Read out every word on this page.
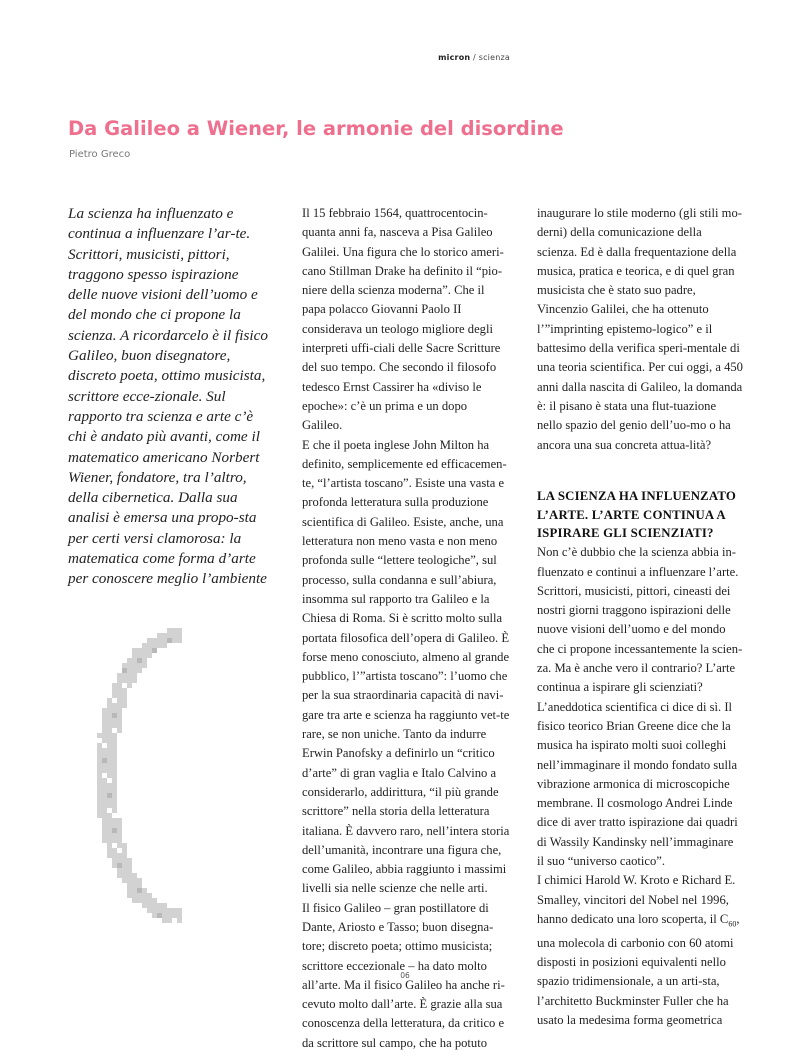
micron / scienza
Da Galileo a Wiener, le armonie del disordine
Pietro Greco

La scienza ha influenzato e continua a influenzare l’ar-te. Scrittori, musicisti, pittori, traggono spesso ispirazione delle nuove visioni dell’uomo e del mondo che ci propone la scienza. A ricordarcelo è il fisico Galileo, buon disegnatore, discreto poeta, ottimo musicista, scrittore ecce-zionale. Sul rapporto tra scienza e arte c’è chi è andato più avanti, come il matematico americano Norbert Wiener, fondatore, tra l’altro, della cibernetica. Dalla sua analisi è emersa una propo-sta per certi versi clamorosa: la matematica come forma d’arte per conoscere meglio l’ambiente

Il 15 febbraio 1564, quattrocentocin-quanta anni fa, nasceva a Pisa Galileo Galilei. Una figura che lo storico ameri-cano Stillman Drake ha definito il “pio-niere della scienza moderna”. Che il papa polacco Giovanni Paolo II considerava un teologo migliore degli interpreti uffi-ciali delle Sacre Scritture del suo tempo. Che secondo il filosofo tedesco Ernst Cassirer ha «diviso le epoche»: c’è un prima e un dopo Galileo.

E che il poeta inglese John Milton ha definito, semplicemente ed efficacemen-te, “l’artista toscano”. Esiste una vasta e profonda letteratura sulla produzione scientifica di Galileo. Esiste, anche, una letteratura non meno vasta e non meno profonda sulle “lettere teologiche”, sul processo, sulla condanna e sull’abiura, insomma sul rapporto tra Galileo e la Chiesa di Roma. Si è scritto molto sulla portata filosofica dell’opera di Galileo. È forse meno conosciuto, almeno al grande pubblico, l’”artista toscano”: l’uomo che per la sua straordinaria capacità di navi-gare tra arte e scienza ha raggiunto vet-te rare, se non uniche. Tanto da indurre Erwin Panofsky a definirlo un “critico d’arte” di gran vaglia e Italo Calvino a considerarlo, addirittura, “il più grande scrittore” nella storia della letteratura italiana. È davvero raro, nell’intera storia dell’umanità, incontrare una figura che, come Galileo, abbia raggiunto i massimi livelli sia nelle scienze che nelle arti.

Il fisico Galileo – gran postillatore di Dante, Ariosto e Tasso; buon disegna-tore; discreto poeta; ottimo musicista; scrittore eccezionale – ha dato molto all’arte. Ma il fisico Galileo ha anche ri-cevuto molto dall’arte. È grazie alla sua conoscenza della letteratura, da critico e da scrittore sul campo, che ha potuto

inaugurare lo stile moderno (gli stili mo-derni) della comunicazione della scienza. Ed è dalla frequentazione della musica, pratica e teorica, e di quel gran musicista che è stato suo padre, Vincenzio Galilei, che ha ottenuto l’”imprinting epistemo-logico” e il battesimo della verifica speri-mentale di una teoria scientifica. Per cui oggi, a 450 anni dalla nascita di Galileo, la domanda è: il pisano è stata una flut-tuazione nello spazio del genio dell’uo-mo o ha ancora una sua concreta attua-lità?

LA SCIENZA HA INFLUENZATO L’ARTE. L’ARTE CONTINUA A ISPIRARE GLI SCIENZIATI?

Non c’è dubbio che la scienza abbia in-fluenzato e continui a influenzare l’arte. Scrittori, musicisti, pittori, cineasti dei nostri giorni traggono ispirazioni delle nuove visioni dell’uomo e del mondo che ci propone incessantemente la scien-za. Ma è anche vero il contrario? L’arte continua a ispirare gli scienziati?

L’aneddotica scientifica ci dice di sì. Il fisico teorico Brian Greene dice che la musica ha ispirato molti suoi colleghi nell’immaginare il mondo fondato sulla vibrazione armonica di microscopiche membrane. Il cosmologo Andrei Linde dice di aver tratto ispirazione dai quadri di Wassily Kandinsky nell’immaginare il suo “universo caotico”.

I chimici Harold W. Kroto e Richard E. Smalley, vincitori del Nobel nel 1996, hanno dedicato una loro scoperta, il $C_{60}$, una molecola di carbonio con 60 atomi disposti in posizioni equivalenti nello spazio tridimensionale, a un arti-sta, l’architetto Buckminster Fuller che ha usato la medesima forma geometrica

06
